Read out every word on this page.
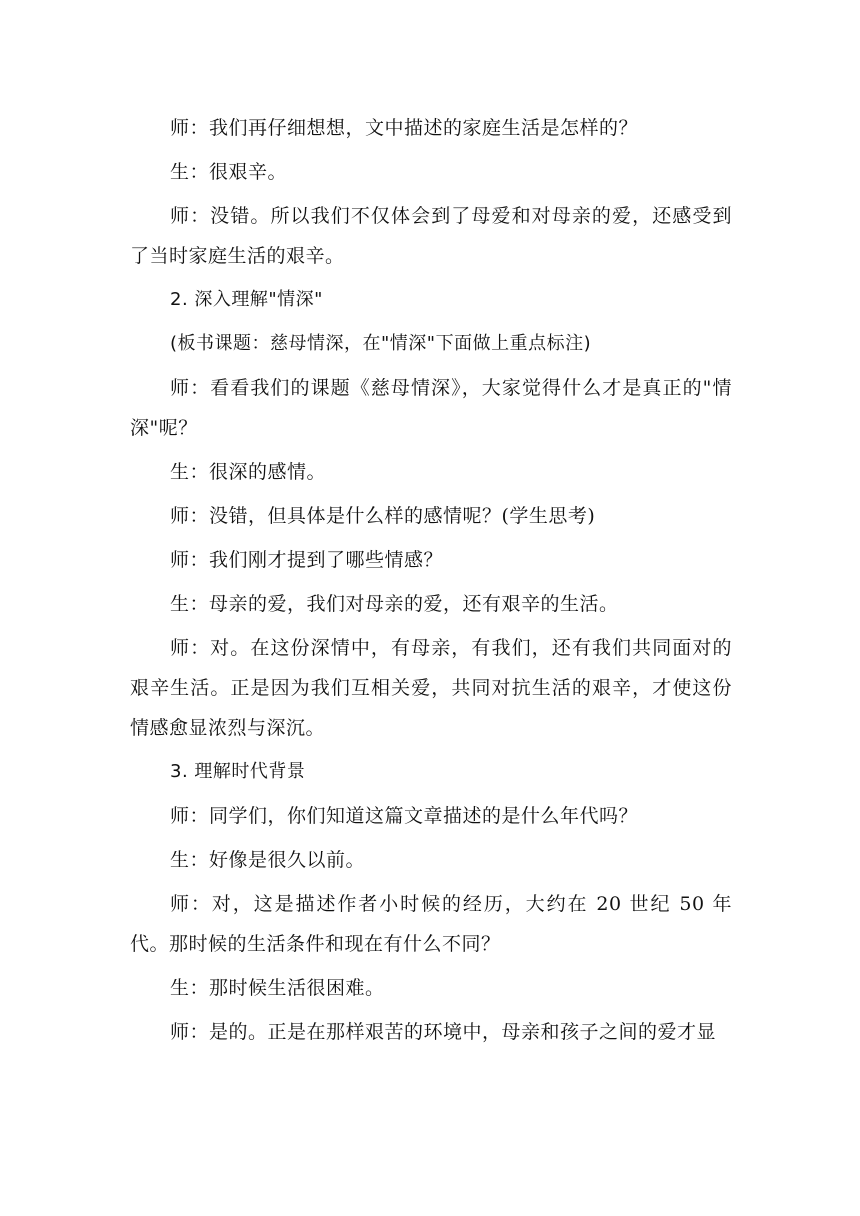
师：我们再仔细想想，文中描述的家庭生活是怎样的？

生：很艰辛。

师：没错。所以我们不仅体会到了母爱和对母亲的爱，还感受到了当时家庭生活的艰辛。

2. 深入理解"情深"

(板书课题：慈母情深，在"情深"下面做上重点标注)

师：看看我们的课题《慈母情深》，大家觉得什么才是真正的"情深"呢？

生：很深的感情。

师：没错，但具体是什么样的感情呢？(学生思考)

师：我们刚才提到了哪些情感？

生：母亲的爱，我们对母亲的爱，还有艰辛的生活。

师：对。在这份深情中，有母亲，有我们，还有我们共同面对的艰辛生活。正是因为我们互相关爱，共同对抗生活的艰辛，才使这份情感愈显浓烈与深沉。

3. 理解时代背景

师：同学们，你们知道这篇文章描述的是什么年代吗？

生：好像是很久以前。

师：对，这是描述作者小时候的经历，大约在 20 世纪 50 年代。那时候的生活条件和现在有什么不同？

生：那时候生活很困难。

师：是的。正是在那样艰苦的环境中，母亲和孩子之间的爱才显
